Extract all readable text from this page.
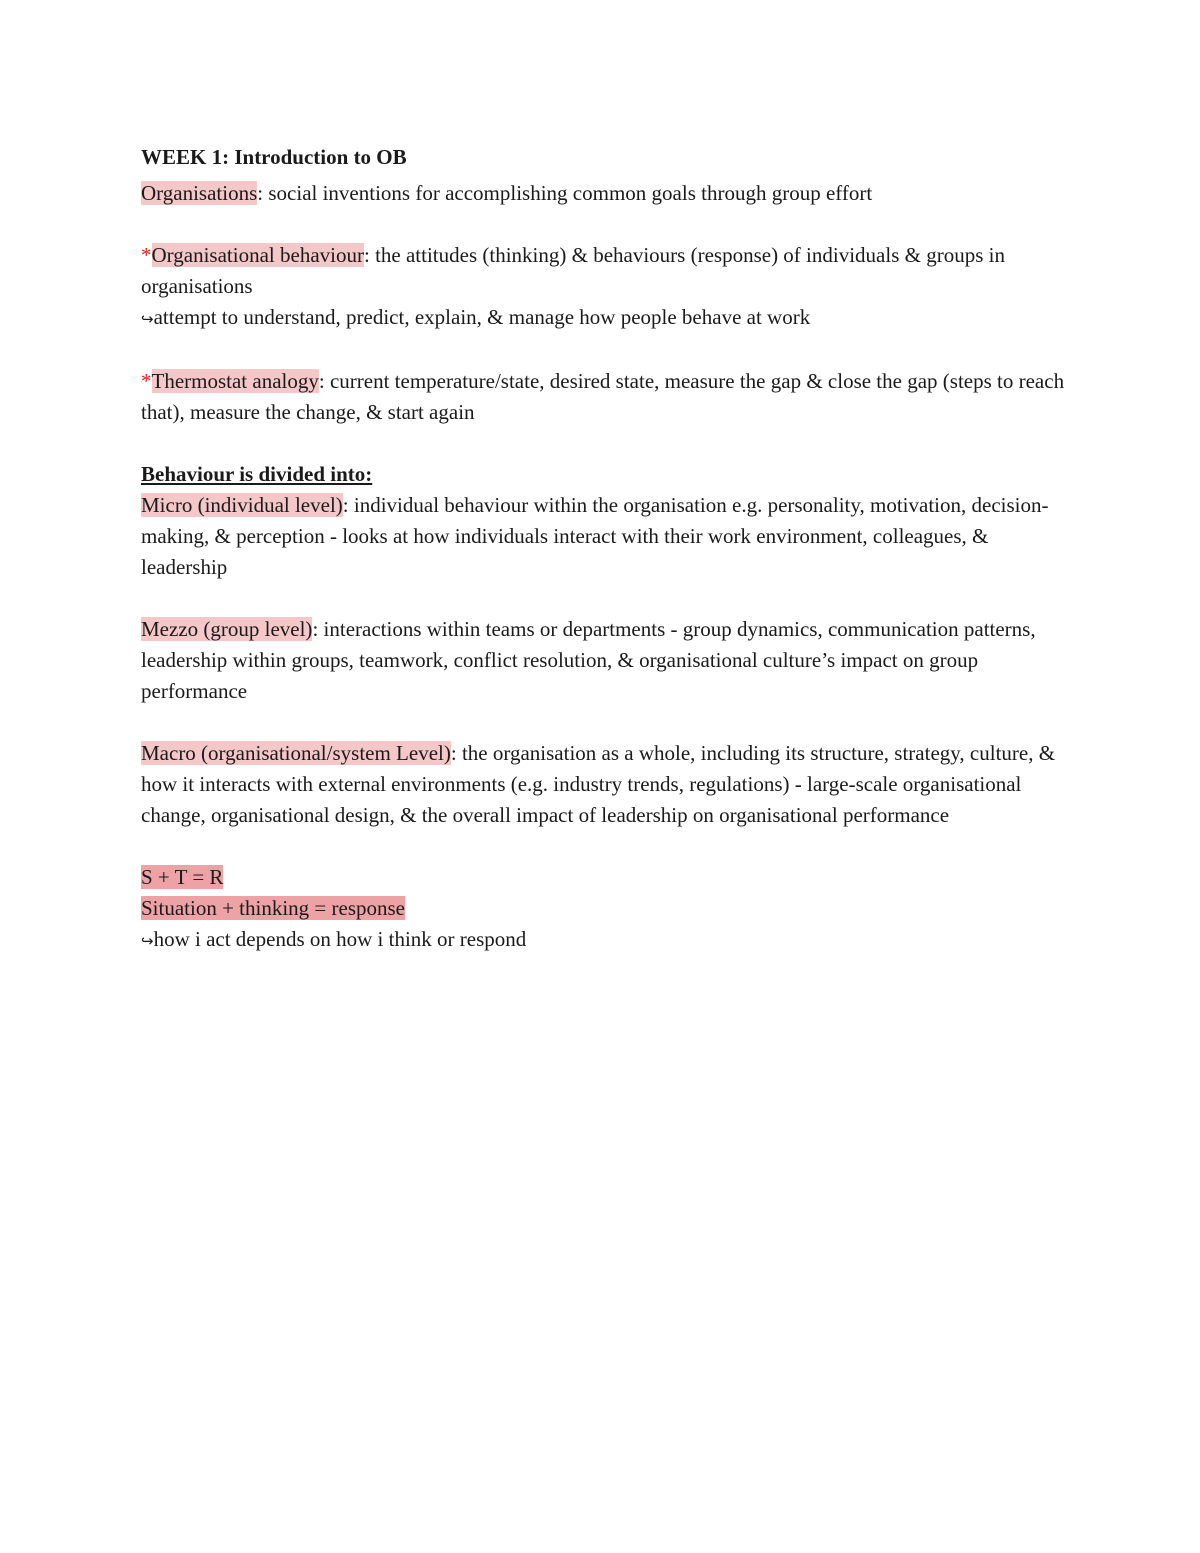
WEEK 1: Introduction to OB

Organisations: social inventions for accomplishing common goals through group effort

*Organisational behaviour: the attitudes (thinking) & behaviours (response) of individuals & groups in organisations

↪attempt to understand, predict, explain, & manage how people behave at work

*Thermostat analogy: current temperature/state, desired state, measure the gap & close the gap (steps to reach that), measure the change, & start again

Behaviour is divided into:

Micro (individual level): individual behaviour within the organisation e.g. personality, motivation, decision-making, & perception - looks at how individuals interact with their work environment, colleagues, & leadership

Mezzo (group level): interactions within teams or departments - group dynamics, communication patterns, leadership within groups, teamwork, conflict resolution, & organisational culture’s impact on group performance

Macro (organisational/system Level): the organisation as a whole, including its structure, strategy, culture, & how it interacts with external environments (e.g. industry trends, regulations) - large-scale organisational change, organisational design, & the overall impact of leadership on organisational performance

S + T = R

Situation + thinking = response

↪how i act depends on how i think or respond
